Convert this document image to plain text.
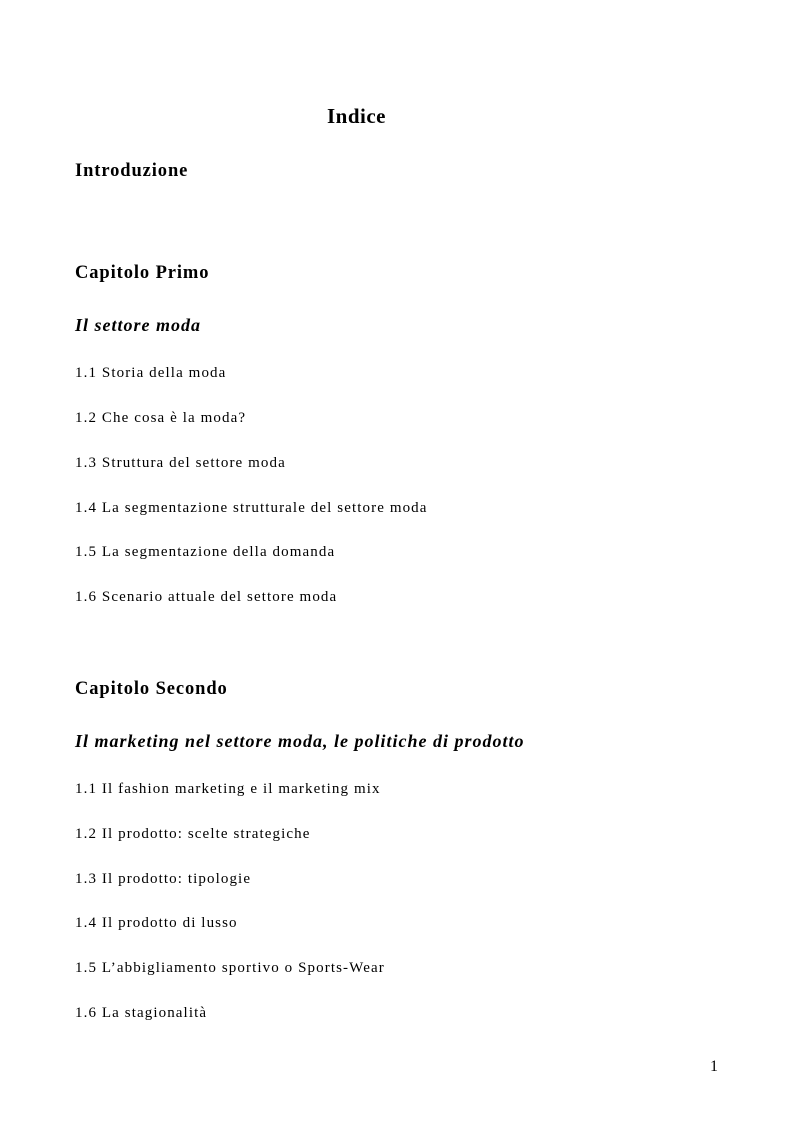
Indice
Introduzione
Capitolo Primo
Il settore moda
1.1 Storia della moda
1.2 Che cosa è la moda?
1.3 Struttura del settore moda
1.4 La segmentazione strutturale del settore moda
1.5 La segmentazione della domanda
1.6 Scenario attuale del settore moda
Capitolo Secondo
Il marketing nel settore moda, le politiche di prodotto
1.1 Il fashion marketing e il marketing mix
1.2 Il prodotto: scelte strategiche
1.3 Il prodotto: tipologie
1.4 Il prodotto di lusso
1.5 L’abbigliamento sportivo o Sports-Wear
1.6 La stagionalità
1
